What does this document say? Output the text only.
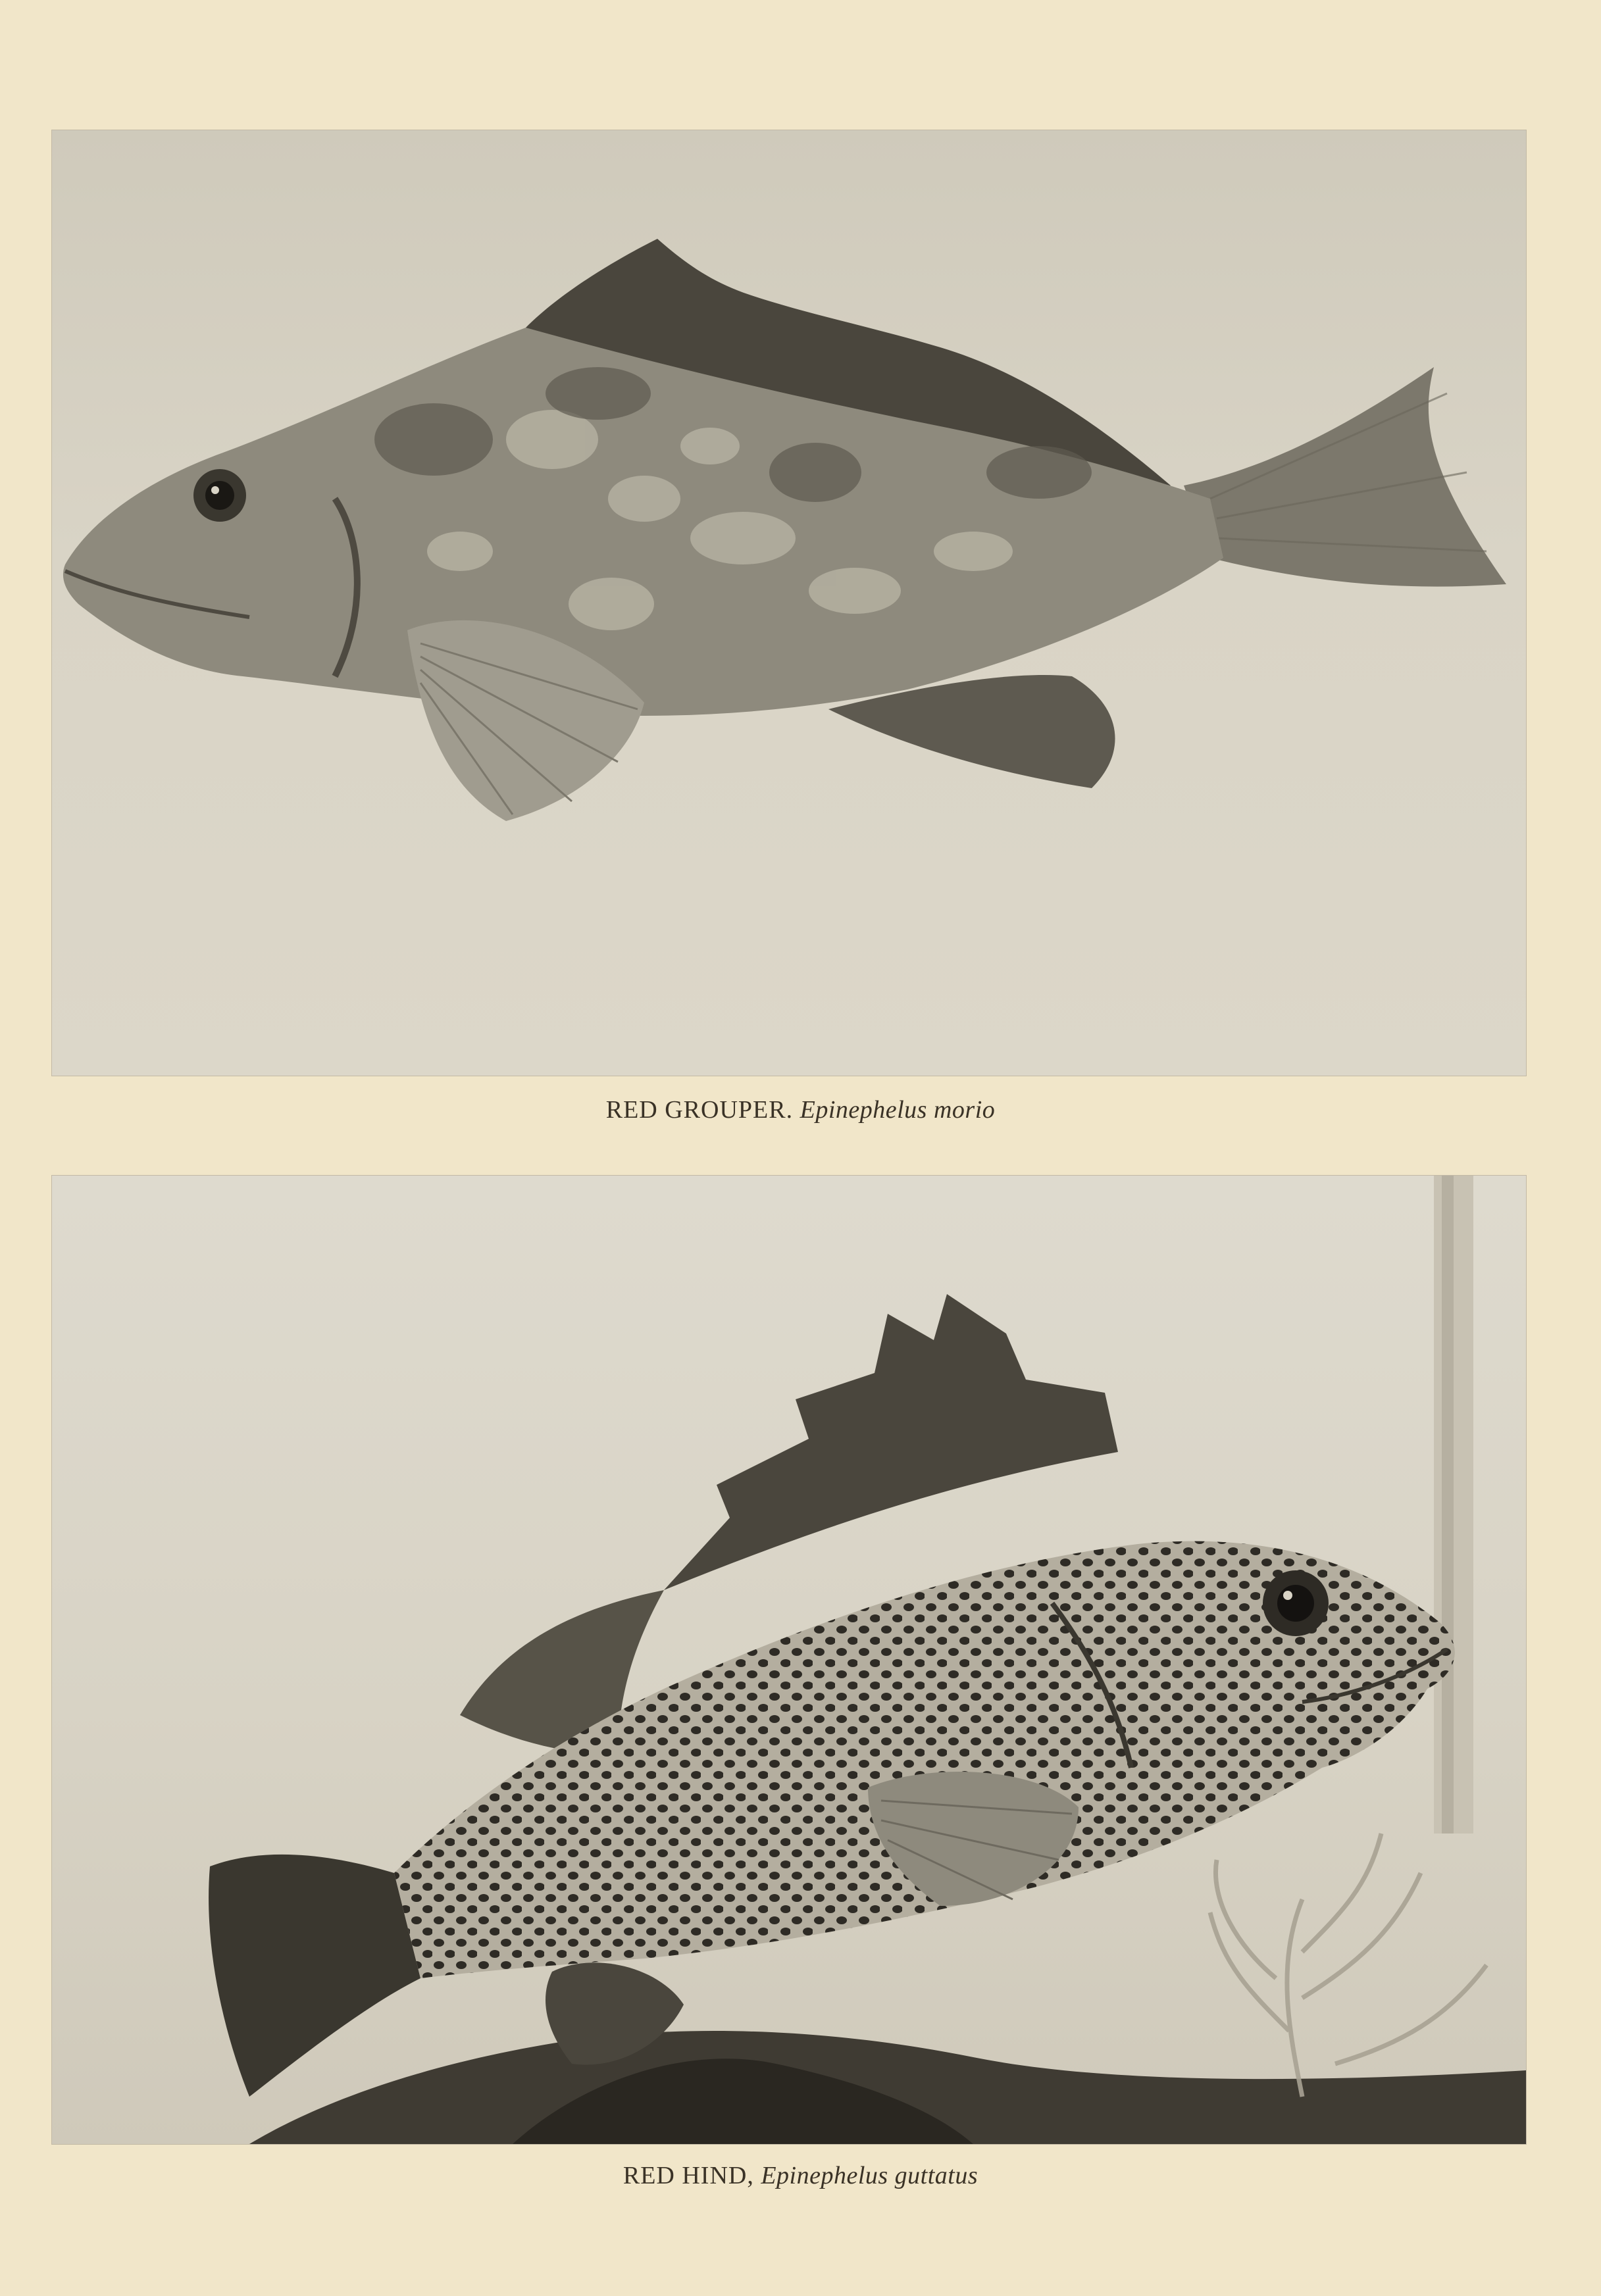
RED GROUPER. Epinephelus morio
RED HIND, Epinephelus guttatus
